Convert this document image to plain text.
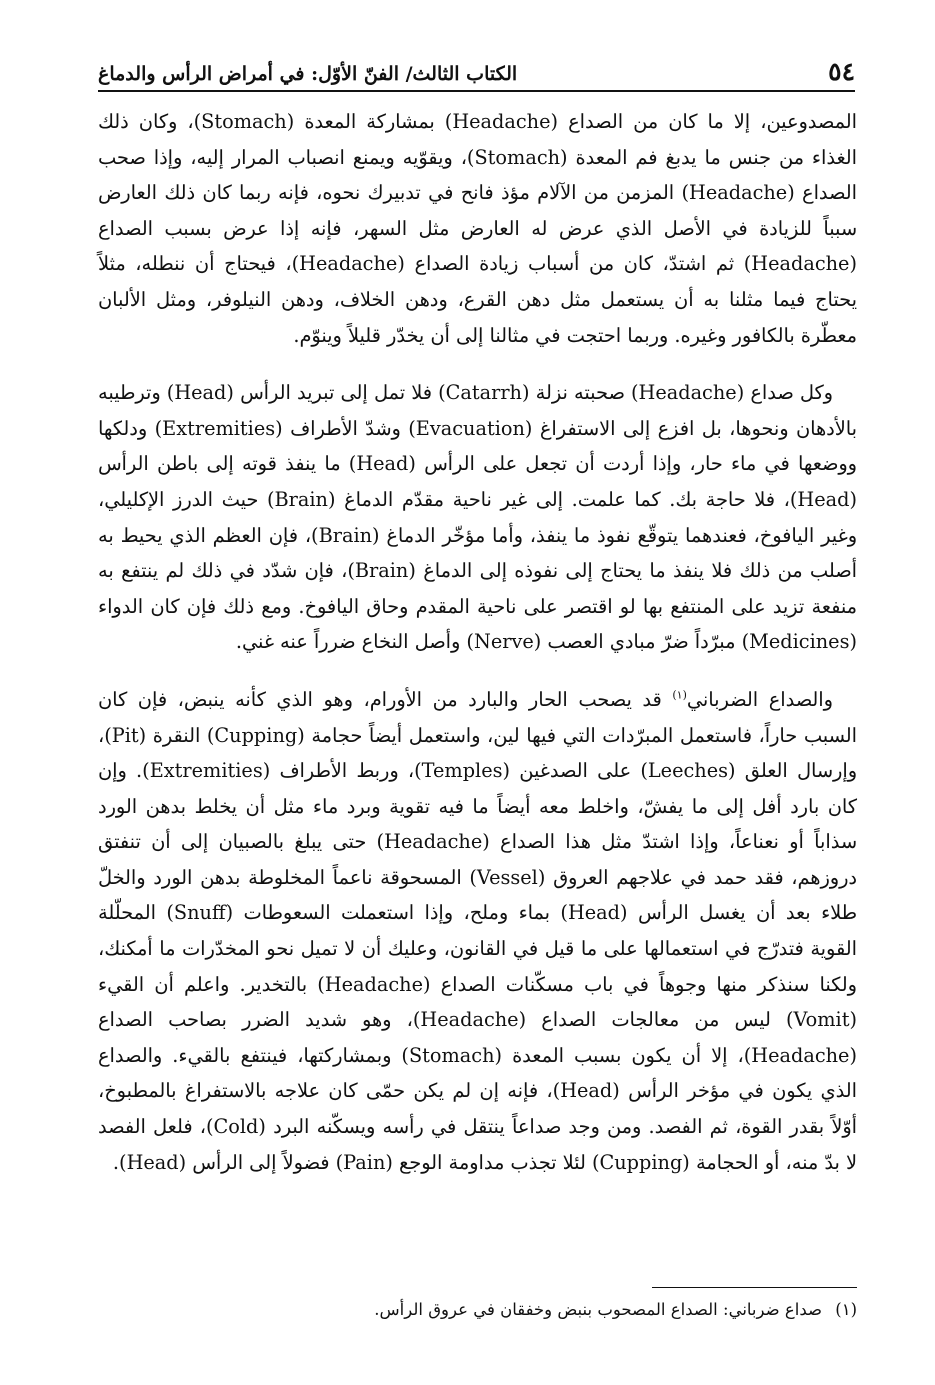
٥٤
الكتاب الثالث/ الفنّ الأوّل: في أمراض الرأس والدماغ

المصدوعين، إلا ما كان من الصداع (Headache) بمشاركة المعدة (Stomach)، وكان ذلك الغذاء من جنس ما يدبغ فم المعدة (Stomach)، ويقوّيه ويمنع انصباب المرار إليه، وإذا صحب الصداع (Headache) المزمن من الآلام مؤذ فانح في تدبيرك نحوه، فإنه ربما كان ذلك العارض سبباً للزيادة في الأصل الذي عرض له العارض مثل السهر، فإنه إذا عرض بسبب الصداع (Headache) ثم اشتدّ، كان من أسباب زيادة الصداع (Headache)، فيحتاج أن ننطله، مثلاً يحتاج فيما مثلنا به أن يستعمل مثل دهن القرع، ودهن الخلاف، ودهن النيلوفر، ومثل الألبان معطّرة بالكافور وغيره. وربما احتجت في مثالنا إلى أن يخدّر قليلاً وينوّم.

وكل صداع (Headache) صحبته نزلة (Catarrh) فلا تمل إلى تبريد الرأس (Head) وترطيبه بالأدهان ونحوها، بل افزع إلى الاستفراغ (Evacuation) وشدّ الأطراف (Extremities) ودلكها ووضعها في ماء حار، وإذا أردت أن تجعل على الرأس (Head) ما ينفذ قوته إلى باطن الرأس (Head)، فلا حاجة بك. كما علمت. إلى غير ناحية مقدّم الدماغ (Brain) حيث الدرز الإكليلي، وغير اليافوخ، فعندهما يتوقّع نفوذ ما ينفذ، وأما مؤخّر الدماغ (Brain)، فإن العظم الذي يحيط به أصلب من ذلك فلا ينفذ ما يحتاج إلى نفوذه إلى الدماغ (Brain)، فإن شدّد في ذلك لم ينتفع به منفعة تزيد على المنتفع بها لو اقتصر على ناحية المقدم وحاق اليافوخ. ومع ذلك فإن كان الدواء (Medicines) مبرّداً ضرّ مبادي العصب (Nerve) وأصل النخاع ضرراً عنه غني.

والصداع الضرباني$^{(١)}$ قد يصحب الحار والبارد من الأورام، وهو الذي كأنه ينبض، فإن كان السبب حاراً، فاستعمل المبرّدات التي فيها لين، واستعمل أيضاً حجامة (Cupping) النقرة (Pit)، وإرسال العلق (Leeches) على الصدغين (Temples)، وربط الأطراف (Extremities). وإن كان بارد أفل إلى ما يفشّ، واخلط معه أيضاً ما فيه تقوية وبرد ماء مثل أن يخلط بدهن الورد سذاباً أو نعناعاً، وإذا اشتدّ مثل هذا الصداع (Headache) حتى يبلغ بالصبيان إلى أن تنفتق دروزهم، فقد حمد في علاجهم العروق (Vessel) المسحوقة ناعماً المخلوطة بدهن الورد والخلّ طلاء بعد أن يغسل الرأس (Head) بماء وملح، وإذا استعملت السعوطات (Snuff) المحلّلة القوية فتدرّج في استعمالها على ما قيل في القانون، وعليك أن لا تميل نحو المخدّرات ما أمكنك، ولكنا سنذكر منها وجوهاً في باب مسكّنات الصداع (Headache) بالتخدير. واعلم أن القيء (Vomit) ليس من معالجات الصداع (Headache)، وهو شديد الضرر بصاحب الصداع (Headache)، إلا أن يكون بسبب المعدة (Stomach) وبمشاركتها، فينتفع بالقيء. والصداع الذي يكون في مؤخر الرأس (Head)، فإنه إن لم يكن حمّى كان علاجه بالاستفراغ بالمطبوخ، أوّلاً بقدر القوة، ثم الفصد. ومن وجد صداعاً ينتقل في رأسه ويسكّنه البرد (Cold)، فلعل الفصد لا بدّ منه، أو الحجامة (Cupping) لئلا تجذب مداومة الوجع (Pain) فضولاً إلى الرأس (Head).

(١) صداع ضرباني: الصداع المصحوب بنبض وخفقان في عروق الرأس.
